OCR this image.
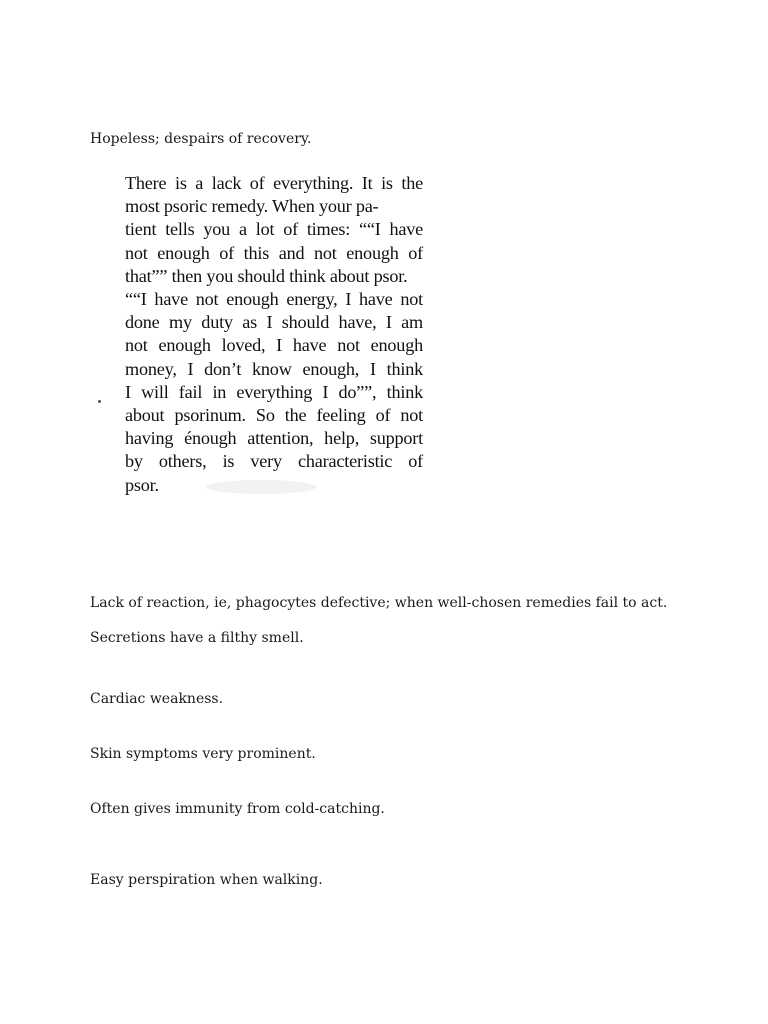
Hopeless; despairs of recovery.
There is a lack of everything. It is the
most psoric remedy. When your pa-
tient tells you a lot of times: ““I have
not enough of this and not enough of
that”” then you should think about psor.
““I have not enough energy, I have not
done my duty as I should have, I am
not enough loved, I have not enough
money, I don’t know enough, I think
I will fail in everything I do””, think
about psorinum. So the feeling of not
having énough attention, help, support
by others, is very characteristic of
psor.
Lack of reaction, ie, phagocytes defective; when well-chosen remedies fail to act.
Secretions have a filthy smell.
Cardiac weakness.
Skin symptoms very prominent.
Often gives immunity from cold-catching.
Easy perspiration when walking.
